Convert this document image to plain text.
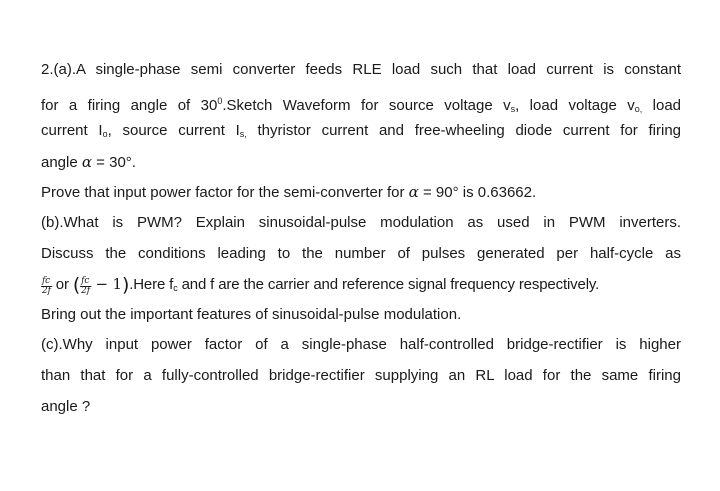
2.(a).A single-phase semi converter feeds RLE load such that load current is constant
for a firing angle of $30^0.Sketch$ Waveform for source voltage $v_s$, load voltage $v_{o,}$ load
current $I_o$, source current $I_{s,}$ thyristor current and free-wheeling diode current for firing
angle α = 30°.
Prove that input power factor for the semi-converter for α = 90° is 0.63662.
(b).What is PWM? Explain sinusoidal-pulse modulation as used in PWM inverters.
Discuss the conditions leading to the number of pulses generated per half-cycle as
$\frac{fc}{2f}$ or ( $\frac{fc}{2f}$ − 1).Here $f_c$ and f are the carrier and reference signal frequency respectively.
Bring out the important features of sinusoidal-pulse modulation.
(c).Why input power factor of a single-phase half-controlled bridge-rectifier is higher
than that for a fully-controlled bridge-rectifier supplying an RL load for the same firing
angle ?
